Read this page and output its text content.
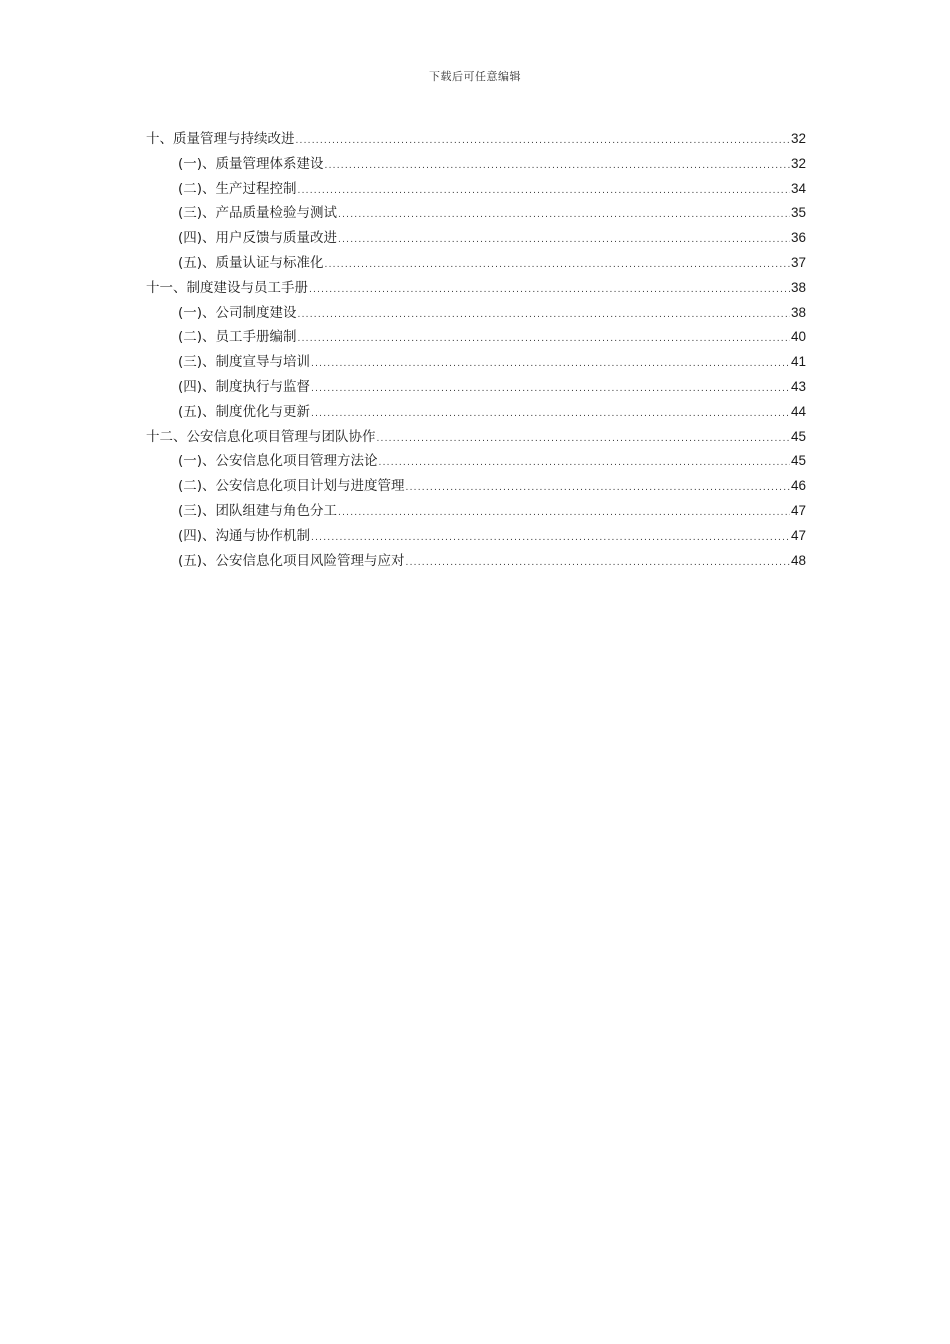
下载后可任意编辑
十、质量管理与持续改进 .....	32
(一)、质量管理体系建设 .....	32
(二)、生产过程控制 .....	34
(三)、产品质量检验与测试 .....	35
(四)、用户反馈与质量改进 .....	36
(五)、质量认证与标准化 .....	37
十一、制度建设与员工手册 .....	38
(一)、公司制度建设 .....	38
(二)、员工手册编制 .....	40
(三)、制度宣导与培训 .....	41
(四)、制度执行与监督 .....	43
(五)、制度优化与更新 .....	44
十二、公安信息化项目管理与团队协作 .....	45
(一)、公安信息化项目管理方法论 .....	45
(二)、公安信息化项目计划与进度管理 .....	46
(三)、团队组建与角色分工 .....	47
(四)、沟通与协作机制 .....	47
(五)、公安信息化项目风险管理与应对 .....	48
